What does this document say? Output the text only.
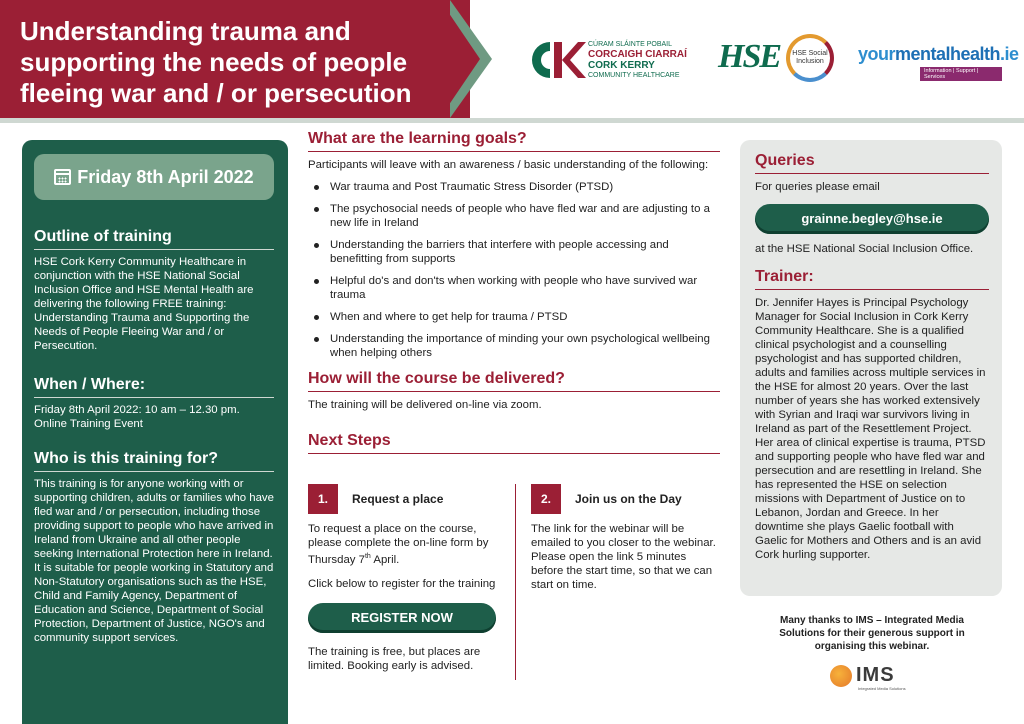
Understanding trauma and supporting the needs of people fleeing war and / or persecution
CÚRAM SLÁINTE POBAIL
CORCAIGH CIARRAÍ
CORK KERRY
COMMUNITY HEALTHCARE
HSE	HSE Social Inclusion	yourmentalhealth.ie
Information | Support | Services
Friday 8th April 2022
Outline of training
HSE Cork Kerry Community Healthcare in conjunction with the HSE National Social Inclusion Office and HSE Mental Health are delivering the following FREE training: Understanding Trauma and Supporting the Needs of People Fleeing War and / or Persecution.
When / Where:
Friday 8th April 2022: 10 am – 12.30 pm.
Online Training Event
Who is this training for?
This training is for anyone working with or supporting children, adults or families who have fled war and / or persecution, including those providing support to people who have arrived in Ireland from Ukraine and all other people seeking International Protection here in Ireland. It is suitable for people working in Statutory and Non-Statutory organisations such as the HSE, Child and Family Agency, Department of Education and Science, Department of Social Protection, Department of Justice, NGO's and community support services.
What are the learning goals?
Participants will leave with an awareness / basic understanding of the following:
War trauma and Post Traumatic Stress Disorder (PTSD)
The psychosocial needs of people who have fled war and are adjusting to a new life in Ireland
Understanding the barriers that interfere with people accessing and benefitting from supports
Helpful do's and don'ts when working with people who have survived war trauma
When and where to get help for trauma / PTSD
Understanding the importance of minding your own psychological wellbeing when helping others
How will the course be delivered?
The training will be delivered on-line via zoom.
Next Steps
1.	Request a place
To request a place on the course, please complete the on-line form by Thursday 7th April.
Click below to register for the training
REGISTER NOW
The training is free, but places are limited. Booking early is advised.
2.	Join us on the Day
The link for the webinar will be emailed to you closer to the webinar. Please open the link 5 minutes before the start time, so that we can start on time.
Queries
For queries please email
grainne.begley@hse.ie
at the HSE National Social Inclusion Office.
Trainer:
Dr. Jennifer Hayes is Principal Psychology Manager for Social Inclusion in Cork Kerry Community Healthcare. She is a qualified clinical psychologist and a counselling psychologist and has supported children, adults and families across multiple services in the HSE for almost 20 years. Over the last number of years she has worked extensively with Syrian and Iraqi war survivors living in Ireland as part of the Resettlement Project. Her area of clinical expertise is trauma, PTSD and supporting people who have fled war and persecution and are resettling in Ireland. She has represented the HSE on selection missions with Department of Justice on to Lebanon, Jordan and Greece. In her downtime she plays Gaelic football with Gaelic for Mothers and Others and is an avid Cork hurling supporter.
Many thanks to IMS – Integrated Media Solutions for their generous support in organising this webinar.
IMS
Integrated Media Solutions
